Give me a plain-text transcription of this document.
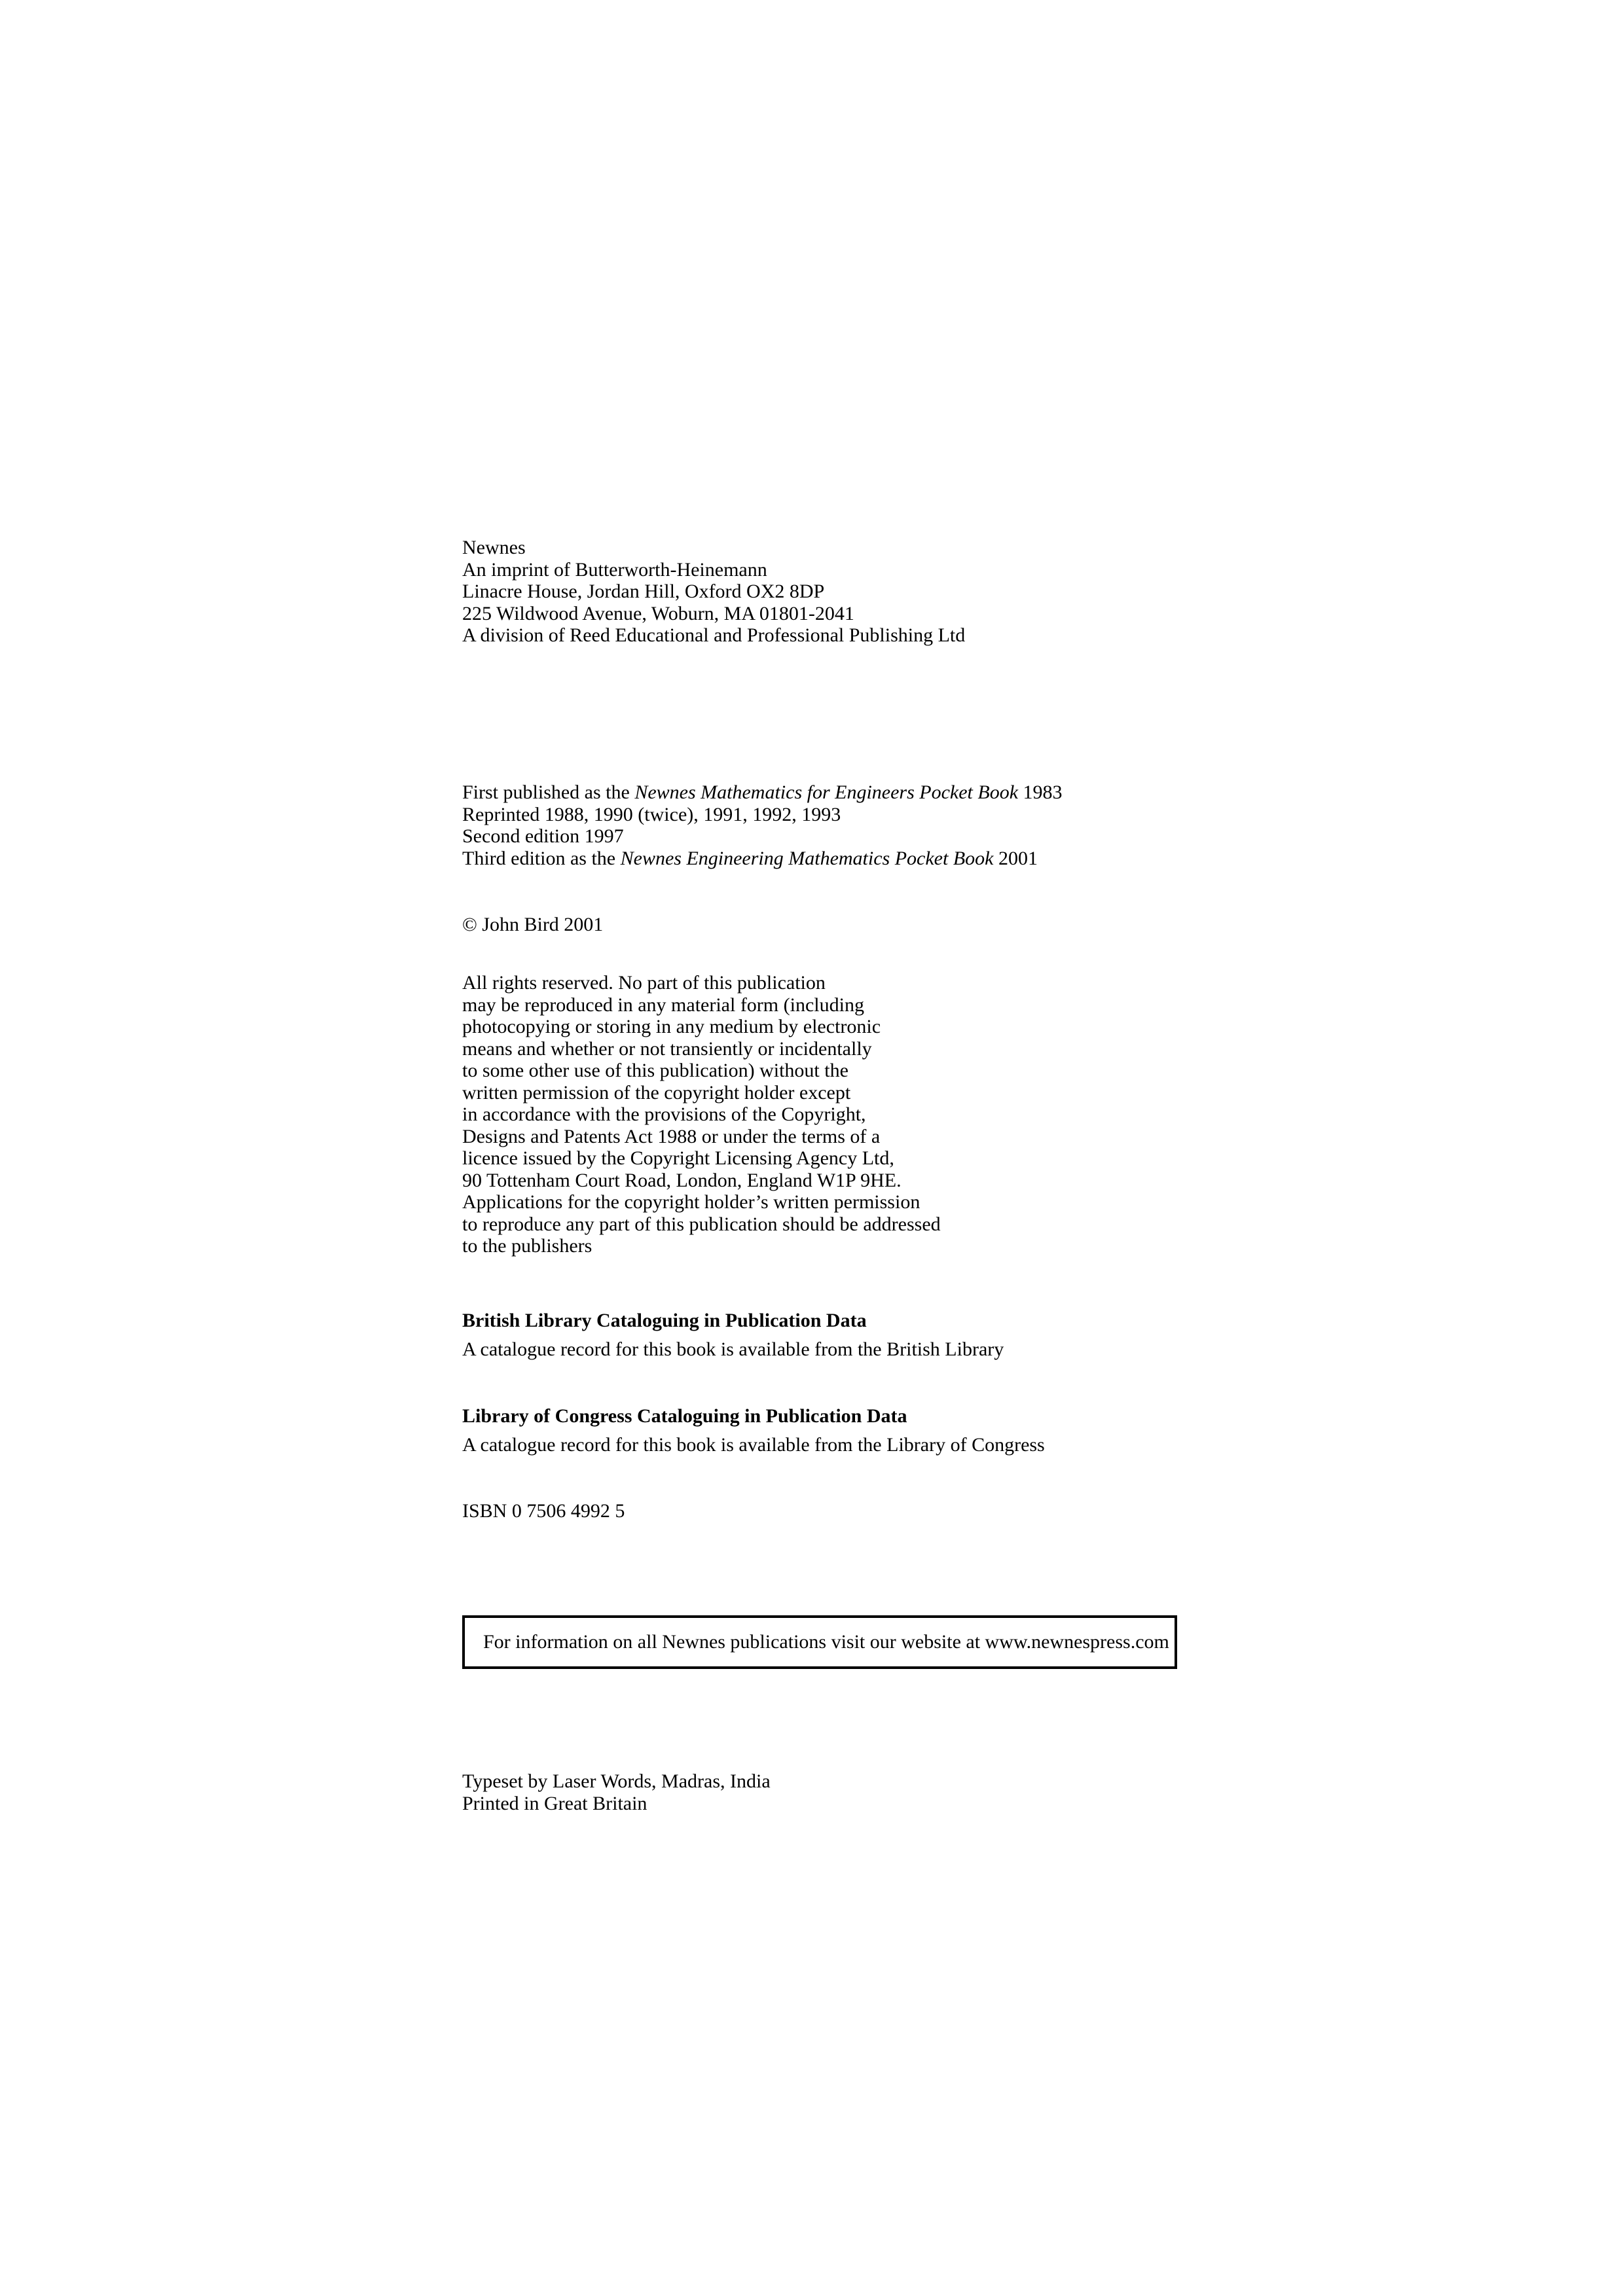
Newnes
An imprint of Butterworth-Heinemann
Linacre House, Jordan Hill, Oxford OX2 8DP
225 Wildwood Avenue, Woburn, MA 01801-2041
A division of Reed Educational and Professional Publishing Ltd
First published as the Newnes Mathematics for Engineers Pocket Book 1983
Reprinted 1988, 1990 (twice), 1991, 1992, 1993
Second edition 1997
Third edition as the Newnes Engineering Mathematics Pocket Book 2001
© John Bird 2001
All rights reserved. No part of this publication
may be reproduced in any material form (including
photocopying or storing in any medium by electronic
means and whether or not transiently or incidentally
to some other use of this publication) without the
written permission of the copyright holder except
in accordance with the provisions of the Copyright,
Designs and Patents Act 1988 or under the terms of a
licence issued by the Copyright Licensing Agency Ltd,
90 Tottenham Court Road, London, England W1P 9HE.
Applications for the copyright holder’s written permission
to reproduce any part of this publication should be addressed
to the publishers
British Library Cataloguing in Publication Data
A catalogue record for this book is available from the British Library
Library of Congress Cataloguing in Publication Data
A catalogue record for this book is available from the Library of Congress
ISBN 0 7506 4992 5
For information on all Newnes publications visit our website at www.newnespress.com
Typeset by Laser Words, Madras, India
Printed in Great Britain
